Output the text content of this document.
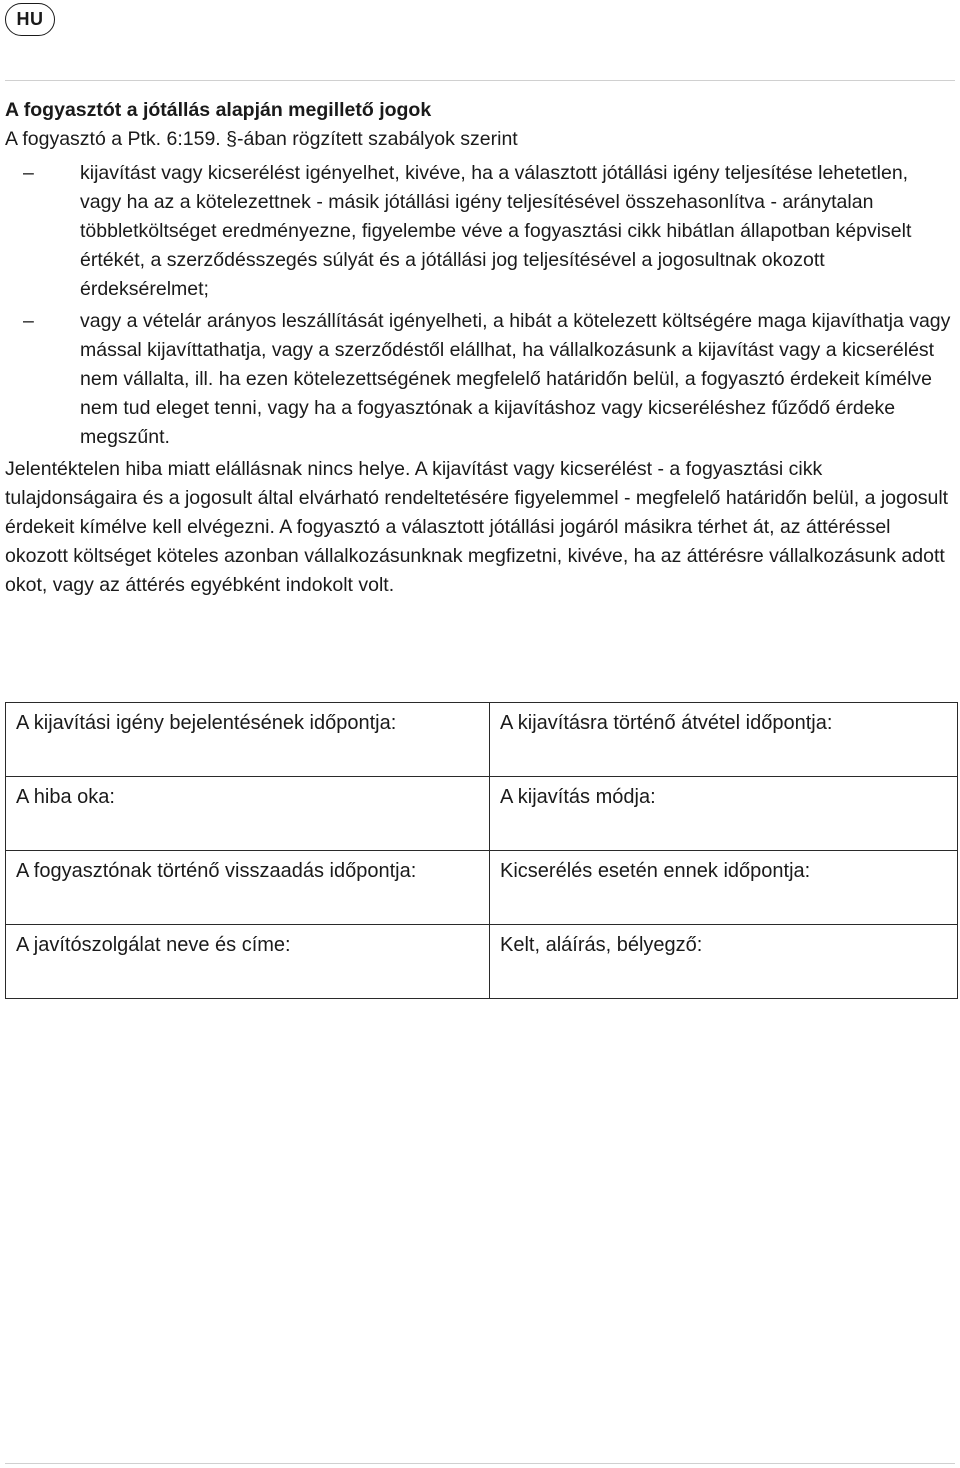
HU

A fogyasztót a jótállás alapján megillető jogok

A fogyasztó a Ptk. 6:159. §-ában rögzített szabályok szerint

– kijavítást vagy kicserélést igényelhet, kivéve, ha a választott jótállási igény teljesítése lehetetlen, vagy ha az a kötelezettnek - másik jótállási igény teljesítésével összehasonlítva - aránytalan többletköltséget eredményezne, figyelembe véve a fogyasztási cikk hibátlan állapotban képviselt értékét, a szerződésszegés súlyát és a jótállási jog teljesítésével a jogosultnak okozott érdeksérelmet;
– vagy a vételár arányos leszállítását igényelheti, a hibát a kötelezett költségére maga kijavíthatja vagy mással kijavíttathatja, vagy a szerződéstől elállhat, ha vállalkozásunk a kijavítást vagy a kicserélést nem vállalta, ill. ha ezen kötelezettségének megfelelő határidőn belül, a fogyasztó érdekeit kímélve nem tud eleget tenni, vagy ha a fogyasztónak a kijavításhoz vagy kicseréléshez fűződő érdeke megszűnt.

Jelentéktelen hiba miatt elállásnak nincs helye. A kijavítást vagy kicserélést - a fogyasztási cikk tulajdonságaira és a jogosult által elvárható rendeltetésére figyelemmel - megfelelő határidőn belül, a jogosult érdekeit kímélve kell elvégezni. A fogyasztó a választott jótállási jogáról másikra térhet át, az áttéréssel okozott költséget köteles azonban vállalkozásunknak megfizetni, kivéve, ha az áttérésre vállalkozásunk adott okot, vagy az áttérés egyébként indokolt volt.

A kijavítási igény bejelentésének időpontja:	A kijavításra történő átvétel időpontja:
A hiba oka:	A kijavítás módja:
A fogyasztónak történő visszaadás időpontja:	Kicserélés esetén ennek időpontja:
A javítószolgálat neve és címe:	Kelt, aláírás, bélyegző:
